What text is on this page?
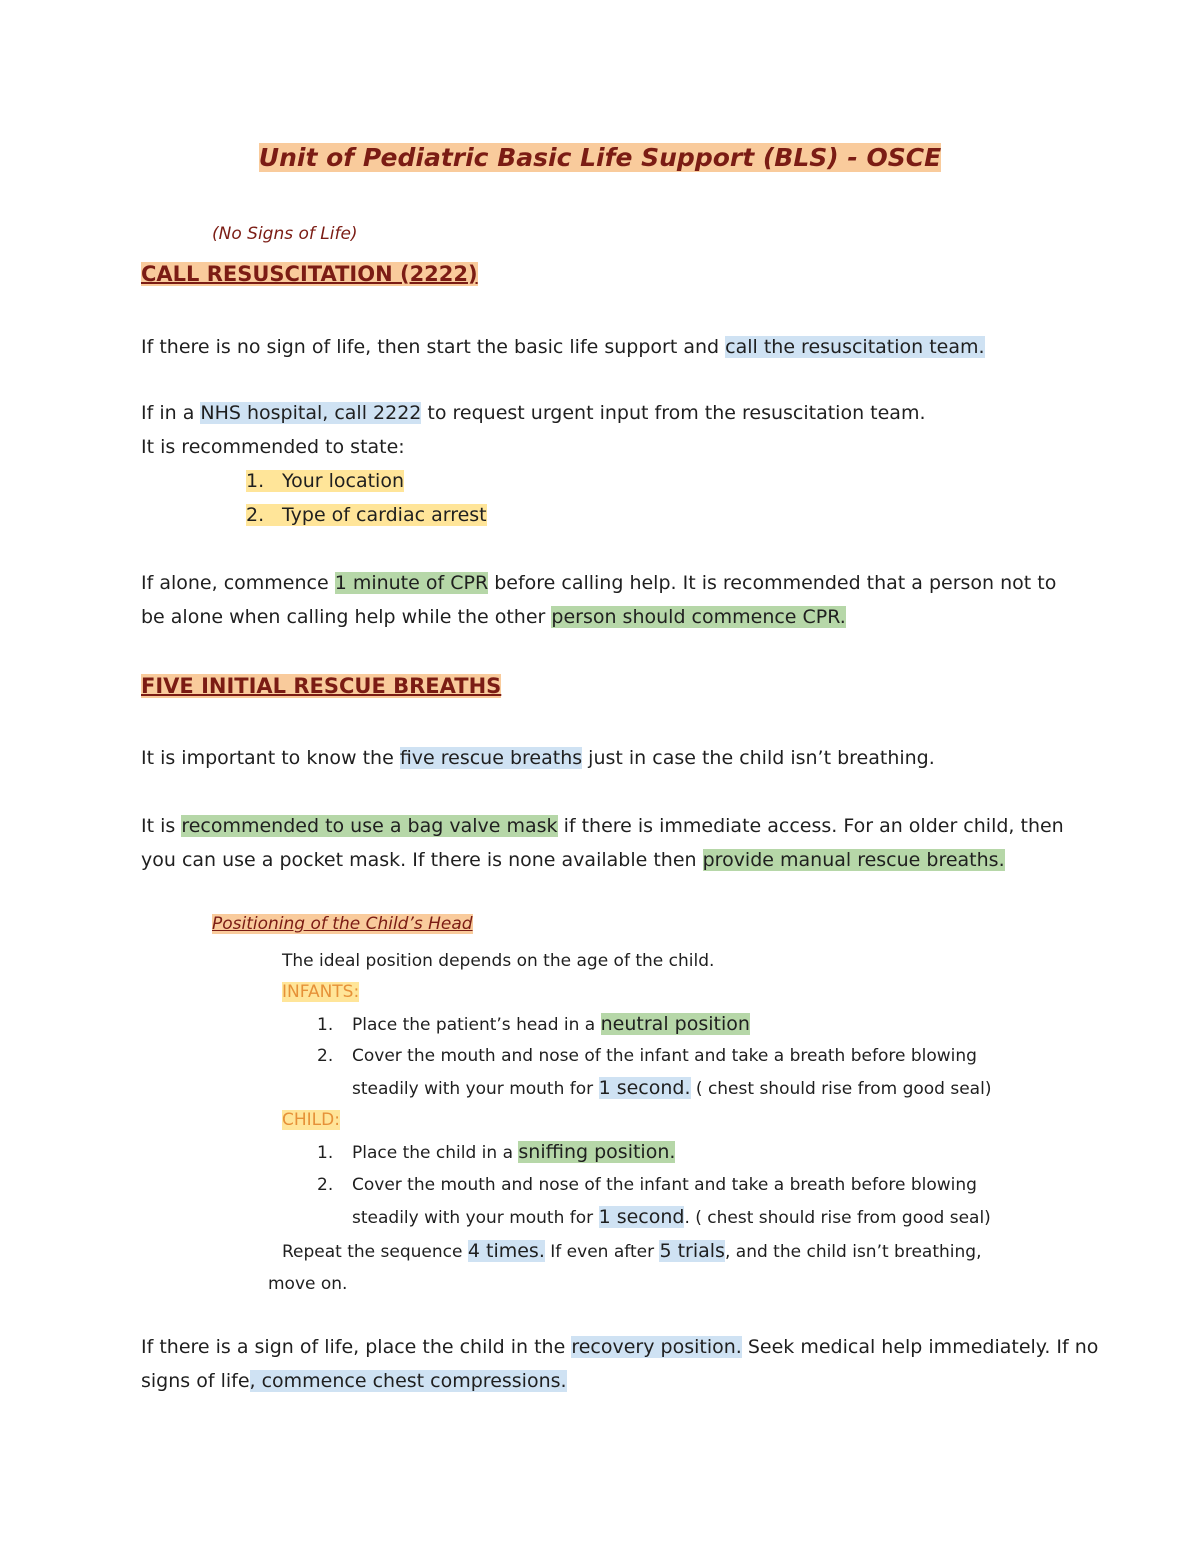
Unit of Pediatric Basic Life Support (BLS) - OSCE
(No Signs of Life)
CALL RESUSCITATION (2222)
If there is no sign of life, then start the basic life support and call the resuscitation team.
If in a NHS hospital, call 2222 to request urgent input from the resuscitation team.
It is recommended to state:
1. Your location
2. Type of cardiac arrest
If alone, commence 1 minute of CPR before calling help. It is recommended that a person not to
be alone when calling help while the other person should commence CPR.
FIVE INITIAL RESCUE BREATHS
It is important to know the five rescue breaths just in case the child isn’t breathing.
It is recommended to use a bag valve mask if there is immediate access. For an older child, then
you can use a pocket mask. If there is none available then provide manual rescue breaths.
Positioning of the Child’s Head
The ideal position depends on the age of the child.
INFANTS:
1. Place the patient’s head in a neutral position
2. Cover the mouth and nose of the infant and take a breath before blowing
steadily with your mouth for 1 second. ( chest should rise from good seal)
CHILD:
1. Place the child in a sniffing position.
2. Cover the mouth and nose of the infant and take a breath before blowing
steadily with your mouth for 1 second. ( chest should rise from good seal)
Repeat the sequence 4 times. If even after 5 trials, and the child isn’t breathing,
move on.
If there is a sign of life, place the child in the recovery position. Seek medical help immediately. If no
signs of life, commence chest compressions.
